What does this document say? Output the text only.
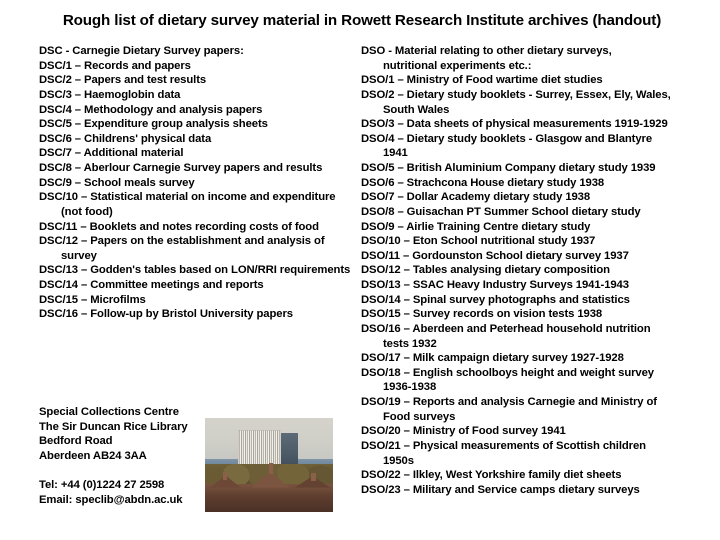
Rough list of dietary survey material in Rowett Research Institute archives (handout)
DSC - Carnegie Dietary Survey papers:
DSC/1 – Records and papers
DSC/2 – Papers and test results
DSC/3 – Haemoglobin data
DSC/4 – Methodology and analysis papers
DSC/5 – Expenditure group analysis sheets
DSC/6 – Childrens' physical data
DSC/7 – Additional material
DSC/8 – Aberlour Carnegie Survey papers and results
DSC/9 – School meals survey
DSC/10 – Statistical material on income and expenditure
(not food)
DSC/11 – Booklets and notes recording costs of food
DSC/12 – Papers on the establishment and analysis of
survey
DSC/13 – Godden's tables based on LON/RRI requirements
DSC/14 – Committee meetings and reports
DSC/15 – Microfilms
DSC/16 – Follow-up by Bristol University papers
DSO - Material relating to other dietary surveys,
nutritional experiments etc.:
DSO/1 – Ministry of Food wartime diet studies
DSO/2 – Dietary study booklets - Surrey, Essex, Ely, Wales,
South Wales
DSO/3 – Data sheets of physical measurements 1919-1929
DSO/4 – Dietary study booklets - Glasgow and Blantyre
1941
DSO/5 – British Aluminium Company dietary study 1939
DSO/6 – Strachcona House dietary study 1938
DSO/7 – Dollar Academy dietary study 1938
DSO/8 – Guisachan PT Summer School dietary study
DSO/9 – Airlie Training Centre dietary study
DSO/10 – Eton School nutritional study 1937
DSO/11 – Gordounston School dietary survey 1937
DSO/12 – Tables analysing dietary composition
DSO/13 – SSAC Heavy Industry Surveys 1941-1943
DSO/14 – Spinal survey photographs and statistics
DSO/15 – Survey records on vision tests 1938
DSO/16 – Aberdeen and Peterhead household nutrition
tests 1932
DSO/17 – Milk campaign dietary survey 1927-1928
DSO/18 – English schoolboys height and weight survey
1936-1938
DSO/19 – Reports and analysis Carnegie and Ministry of
Food surveys
DSO/20 – Ministry of Food survey 1941
DSO/21 – Physical measurements of Scottish children
1950s
DSO/22 – Ilkley, West Yorkshire family diet sheets
DSO/23 – Military and Service camps dietary surveys
Special Collections Centre
The Sir Duncan Rice Library
Bedford Road
Aberdeen AB24 3AA
Tel: +44 (0)1224 27 2598
Email: speclib@abdn.ac.uk
